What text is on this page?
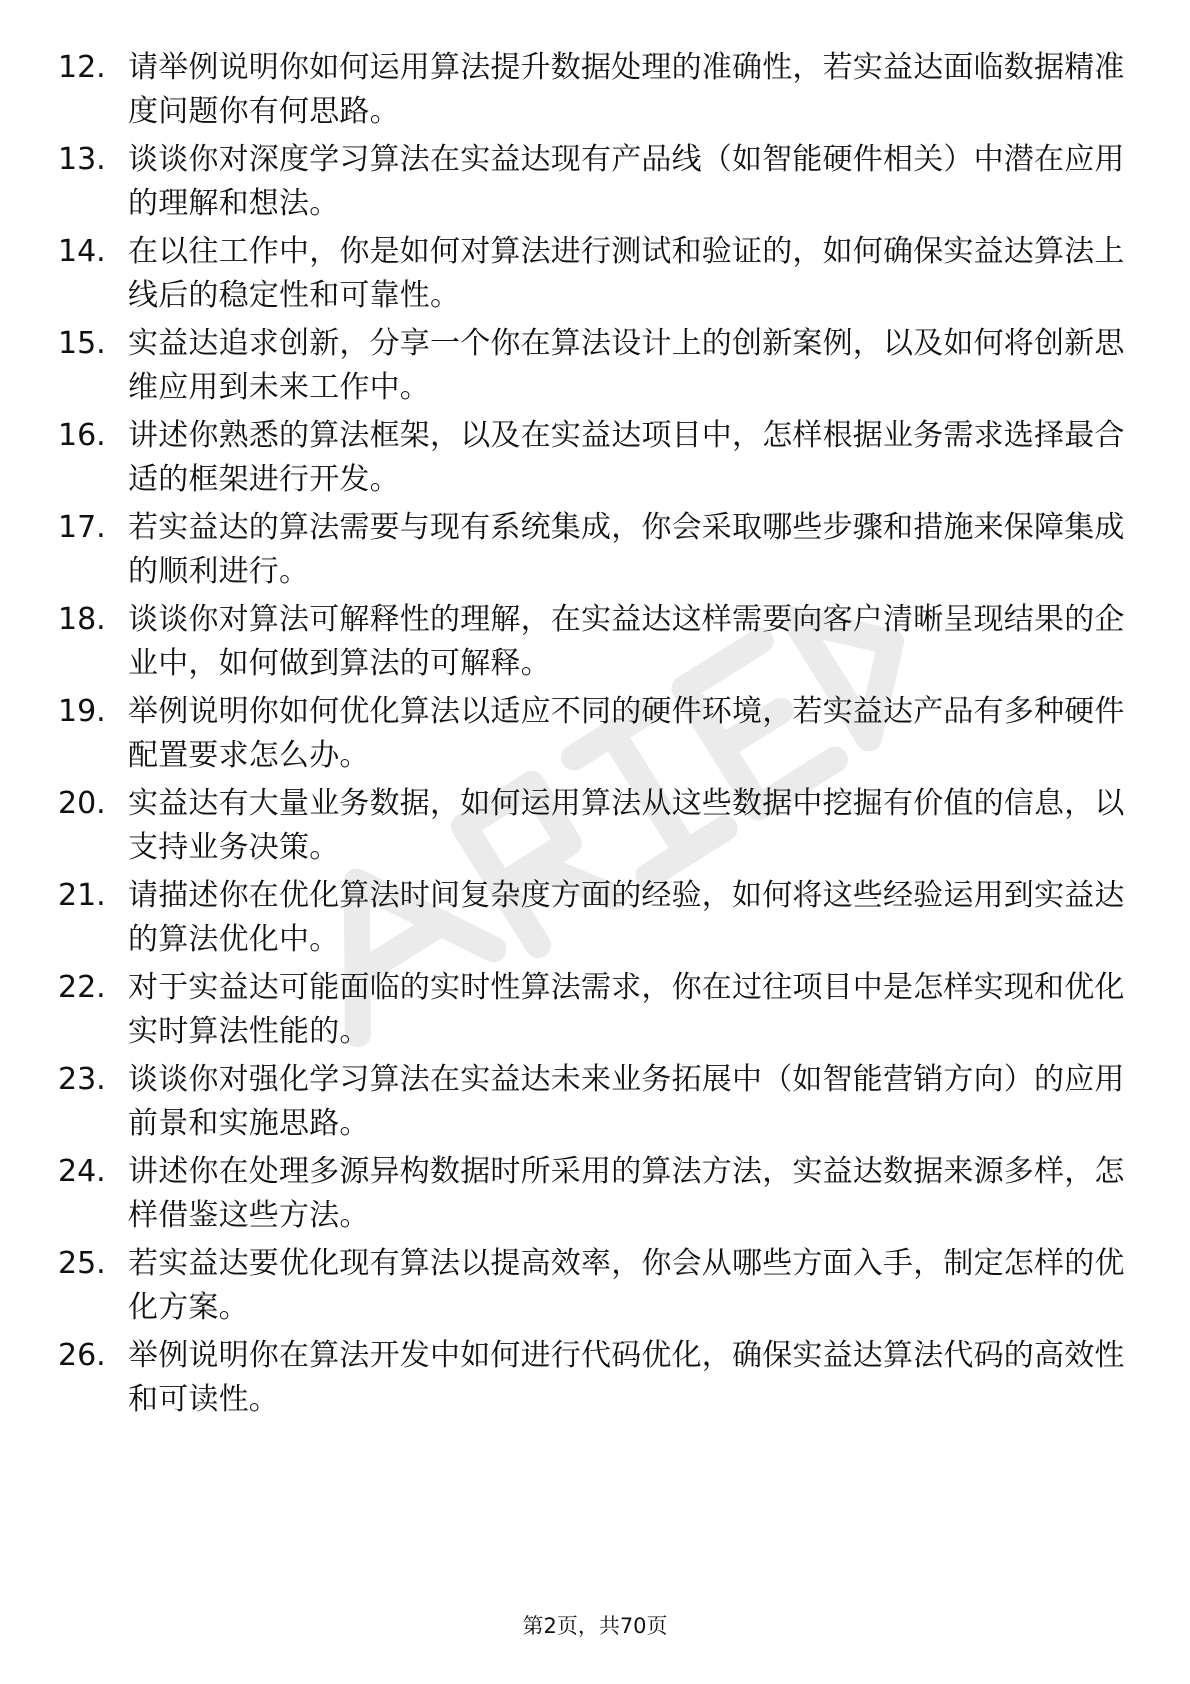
12. 请举例说明你如何运用算法提升数据处理的准确性，若实益达面临数据精准度问题你有何思路。
13. 谈谈你对深度学习算法在实益达现有产品线（如智能硬件相关）中潜在应用的理解和想法。
14. 在以往工作中，你是如何对算法进行测试和验证的，如何确保实益达算法上线后的稳定性和可靠性。
15. 实益达追求创新，分享一个你在算法设计上的创新案例，以及如何将创新思维应用到未来工作中。
16. 讲述你熟悉的算法框架，以及在实益达项目中，怎样根据业务需求选择最合适的框架进行开发。
17. 若实益达的算法需要与现有系统集成，你会采取哪些步骤和措施来保障集成的顺利进行。
18. 谈谈你对算法可解释性的理解，在实益达这样需要向客户清晰呈现结果的企业中，如何做到算法的可解释。
19. 举例说明你如何优化算法以适应不同的硬件环境，若实益达产品有多种硬件配置要求怎么办。
20. 实益达有大量业务数据，如何运用算法从这些数据中挖掘有价值的信息，以支持业务决策。
21. 请描述你在优化算法时间复杂度方面的经验，如何将这些经验运用到实益达的算法优化中。
22. 对于实益达可能面临的实时性算法需求，你在过往项目中是怎样实现和优化实时算法性能的。
23. 谈谈你对强化学习算法在实益达未来业务拓展中（如智能营销方向）的应用前景和实施思路。
24. 讲述你在处理多源异构数据时所采用的算法方法，实益达数据来源多样，怎样借鉴这些方法。
25. 若实益达要优化现有算法以提高效率，你会从哪些方面入手，制定怎样的优化方案。
26. 举例说明你在算法开发中如何进行代码优化，确保实益达算法代码的高效性和可读性。
第2页，共70页
